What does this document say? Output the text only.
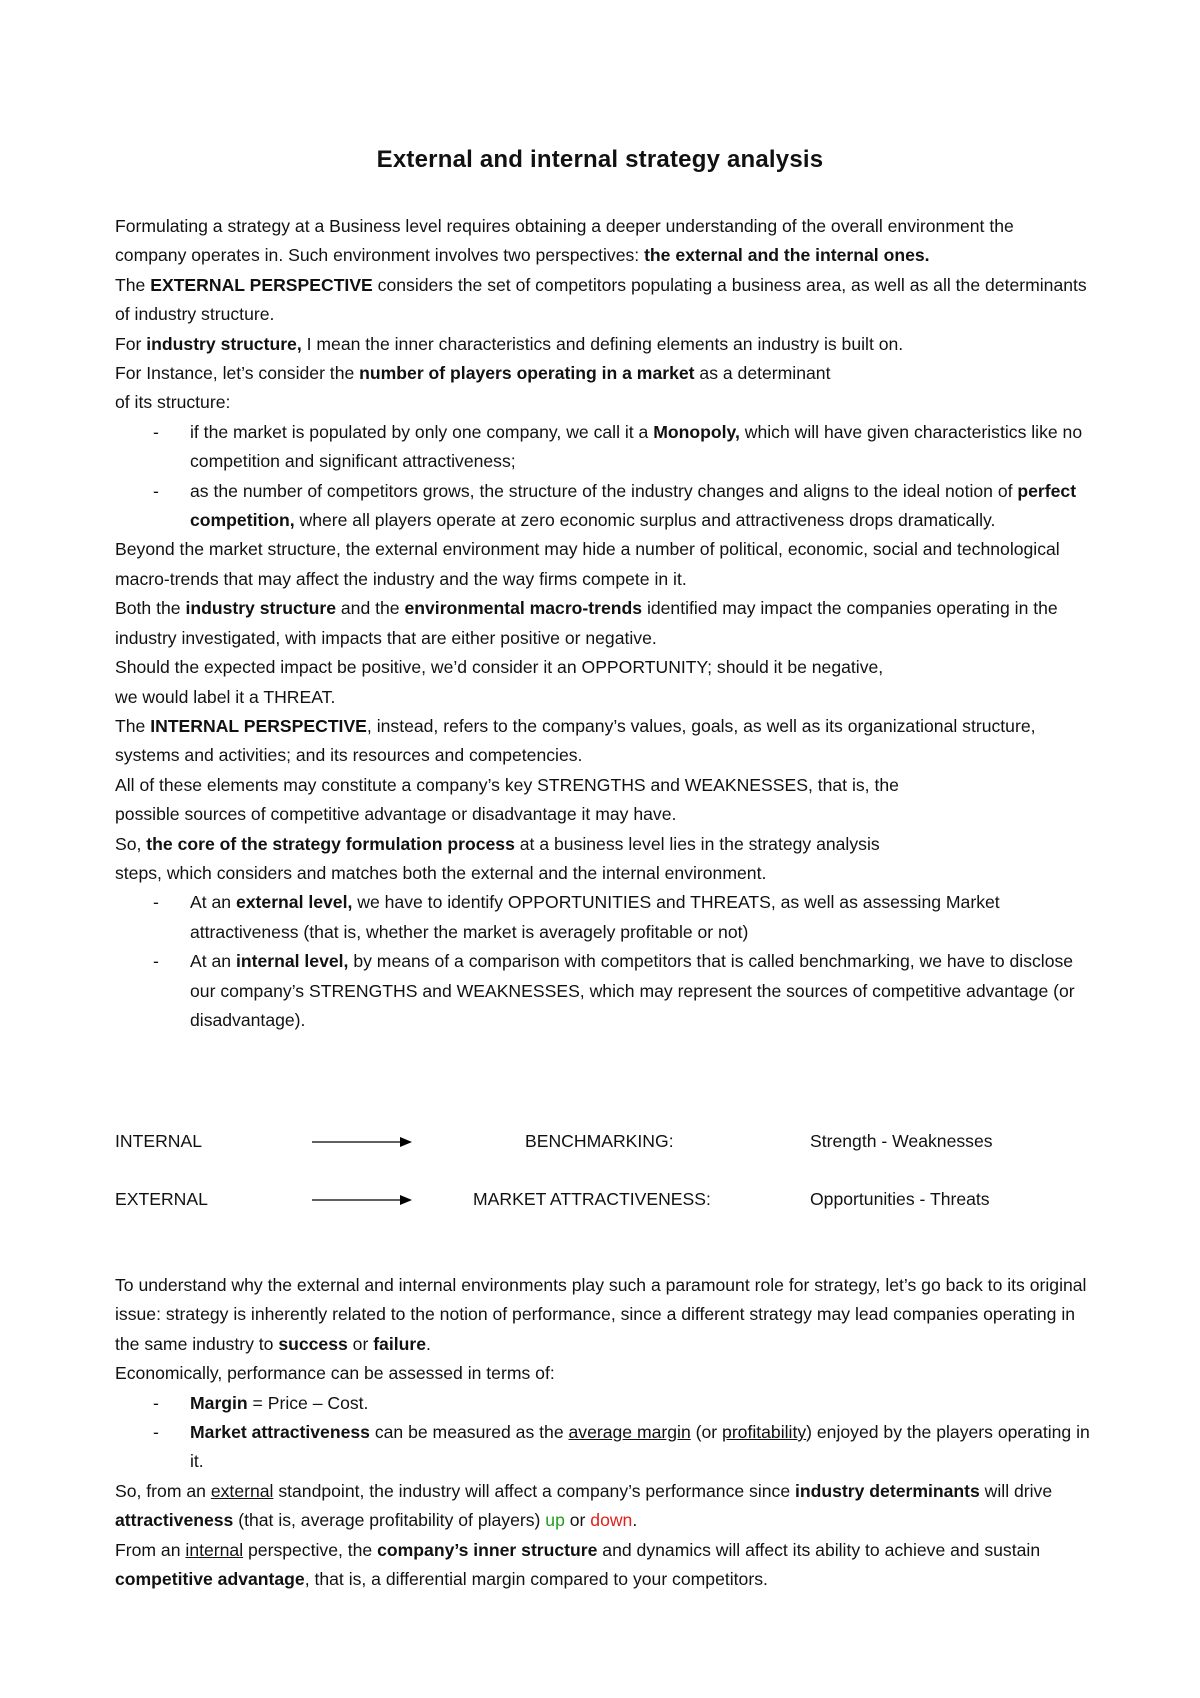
External and internal strategy analysis

Formulating a strategy at a Business level requires obtaining a deeper understanding of the overall environment the company operates in. Such environment involves two perspectives: the external and the internal ones.

The EXTERNAL PERSPECTIVE considers the set of competitors populating a business area, as well as all the determinants of industry structure.

For industry structure, I mean the inner characteristics and defining elements an industry is built on.

For Instance, let’s consider the number of players operating in a market as a determinant
of its structure:

- if the market is populated by only one company, we call it a Monopoly, which will have given characteristics like no competition and significant attractiveness;
- as the number of competitors grows, the structure of the industry changes and aligns to the ideal notion of perfect competition, where all players operate at zero economic surplus and attractiveness drops dramatically.

Beyond the market structure, the external environment may hide a number of political, economic, social and technological macro-trends that may affect the industry and the way firms compete in it.

Both the industry structure and the environmental macro-trends identified may impact the companies operating in the industry investigated, with impacts that are either positive or negative.

Should the expected impact be positive, we’d consider it an OPPORTUNITY; should it be negative,
we would label it a THREAT.

The INTERNAL PERSPECTIVE, instead, refers to the company’s values, goals, as well as its organizational structure, systems and activities; and its resources and competencies.

All of these elements may constitute a company’s key STRENGTHS and WEAKNESSES, that is, the
possible sources of competitive advantage or disadvantage it may have.

So, the core of the strategy formulation process at a business level lies in the strategy analysis
steps, which considers and matches both the external and the internal environment.

- At an external level, we have to identify OPPORTUNITIES and THREATS, as well as assessing Market attractiveness (that is, whether the market is averagely profitable or not)
- At an internal level, by means of a comparison with competitors that is called benchmarking, we have to disclose our company’s STRENGTHS and WEAKNESSES, which may represent the sources of competitive advantage (or disadvantage).
INTERNAL	BENCHMARKING:	Strength - Weaknesses
EXTERNAL	MARKET ATTRACTIVENESS:	Opportunities - Threats

To understand why the external and internal environments play such a paramount role for strategy, let’s go back to its original issue: strategy is inherently related to the notion of performance, since a different strategy may lead companies operating in the same industry to success or failure.

Economically, performance can be assessed in terms of:

- Margin = Price – Cost.
- Market attractiveness can be measured as the average margin (or profitability) enjoyed by the players operating in it.

So, from an external standpoint, the industry will affect a company’s performance since industry determinants will drive attractiveness (that is, average profitability of players) up or down.

From an internal perspective, the company’s inner structure and dynamics will affect its ability to achieve and sustain competitive advantage, that is, a differential margin compared to your competitors.
